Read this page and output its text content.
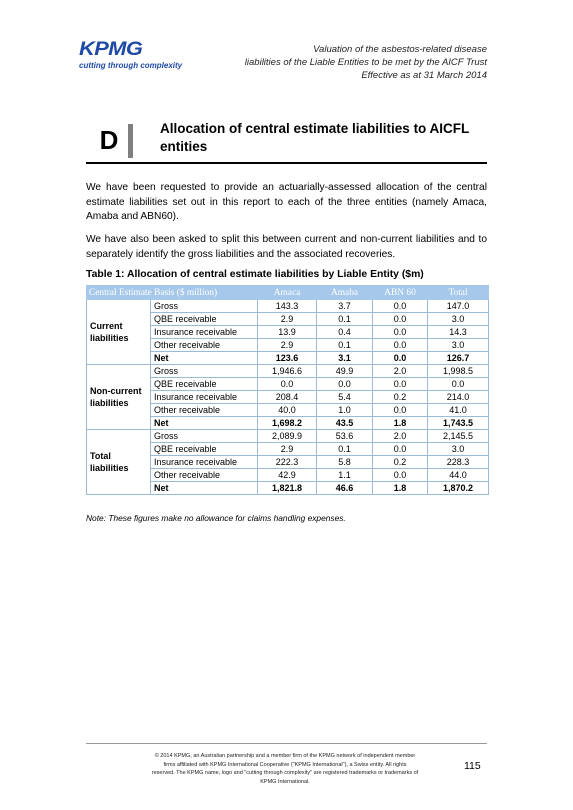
KPMG
cutting through complexity
Valuation of the asbestos-related disease
liabilities of the Liable Entities to be met by the AICF Trust
Effective as at 31 March 2014
D	Allocation of central estimate liabilities to AICFL entities
We have been requested to provide an actuarially-assessed allocation of the central estimate liabilities set out in this report to each of the three entities (namely Amaca, Amaba and ABN60).
We have also been asked to split this between current and non-current liabilities and to separately identify the gross liabilities and the associated recoveries.
Table 1: Allocation of central estimate liabilities by Liable Entity ($m)
Central Estimate Basis ($ million)		Amaca	Amaba	ABN 60	Total
Current liabilities	Gross	143.3	3.7	0.0	147.0
	QBE receivable	2.9	0.1	0.0	3.0
	Insurance receivable	13.9	0.4	0.0	14.3
	Other receivable	2.9	0.1	0.0	3.0
	Net	123.6	3.1	0.0	126.7
Non-current liabilities	Gross	1,946.6	49.9	2.0	1,998.5
	QBE receivable	0.0	0.0	0.0	0.0
	Insurance receivable	208.4	5.4	0.2	214.0
	Other receivable	40.0	1.0	0.0	41.0
	Net	1,698.2	43.5	1.8	1,743.5
Total liabilities	Gross	2,089.9	53.6	2.0	2,145.5
	QBE receivable	2.9	0.1	0.0	3.0
	Insurance receivable	222.3	5.8	0.2	228.3
	Other receivable	42.9	1.1	0.0	44.0
	Net	1,821.8	46.6	1.8	1,870.2
Note: These figures make no allowance for claims handling expenses.
© 2014 KPMG, an Australian partnership and a member firm of the KPMG network of independent member
firms affiliated with KPMG International Cooperative ("KPMG International"), a Swiss entity. All rights
reserved. The KPMG name, logo and "cutting through complexity" are registered trademarks or trademarks of
KPMG International.
115
